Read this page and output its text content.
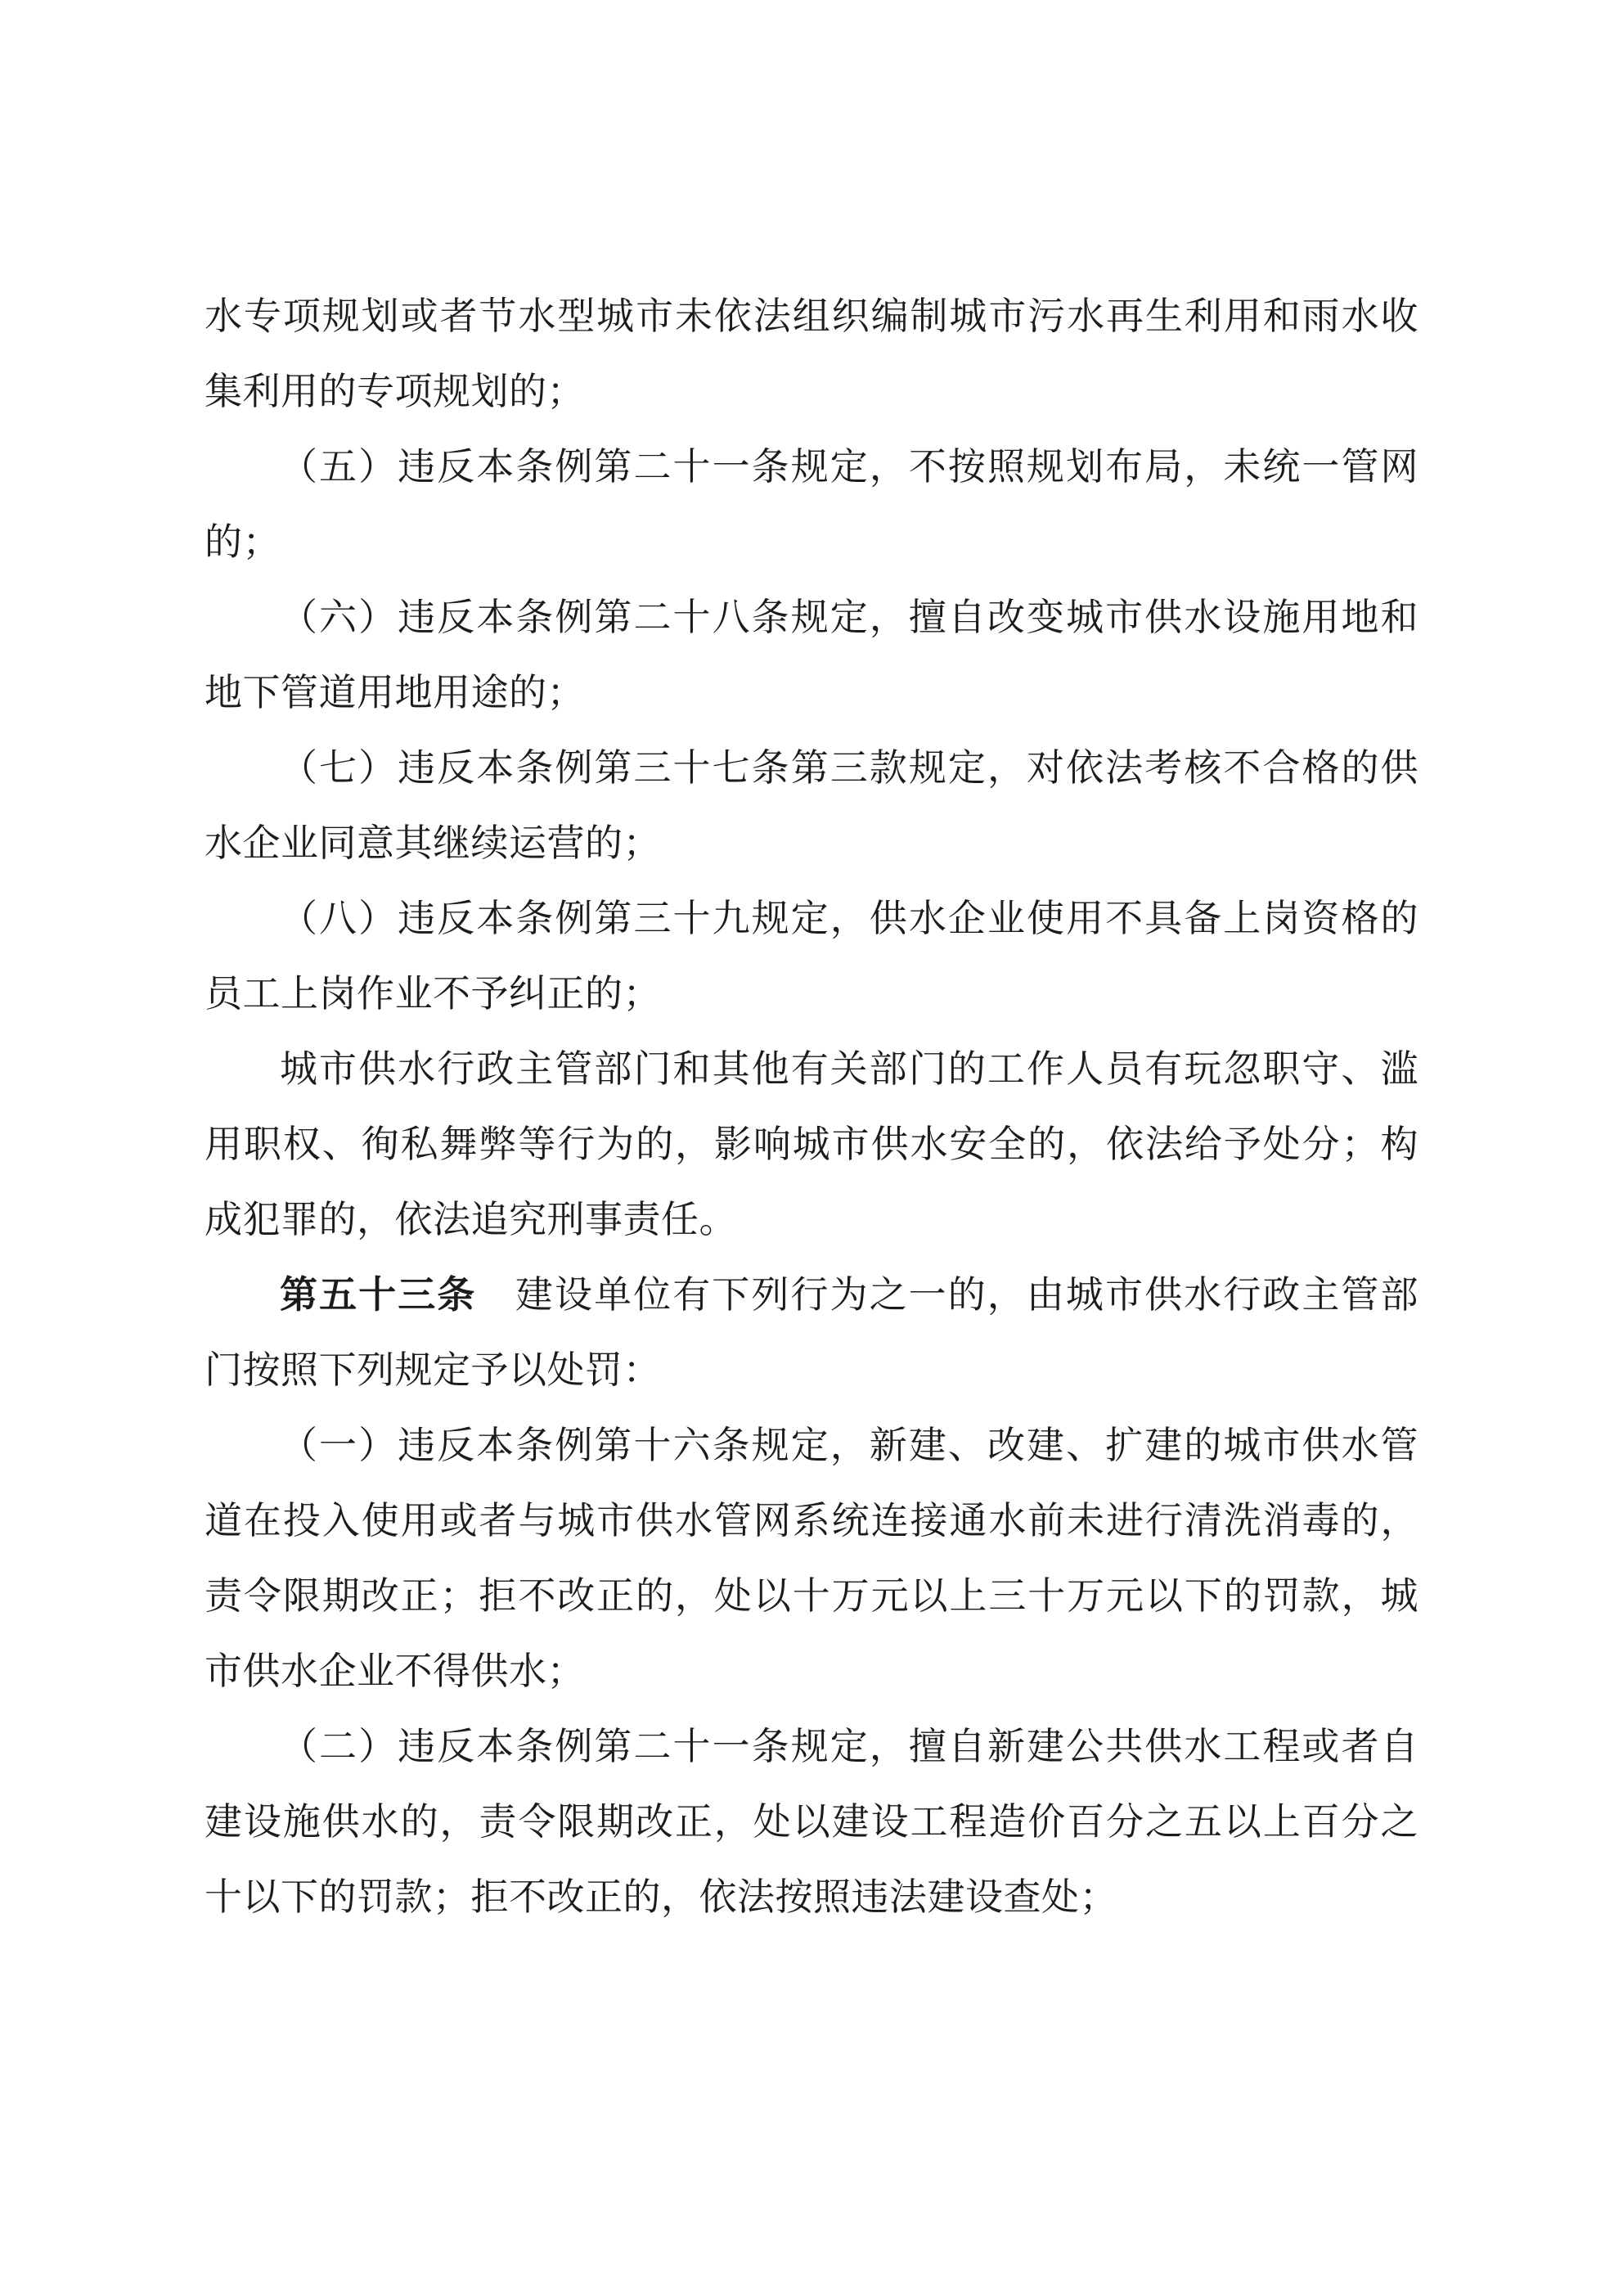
水专项规划或者节水型城市未依法组织编制城市污水再生利用和雨水收集利用的专项规划的；

（五）违反本条例第二十一条规定，不按照规划布局，未统一管网的；

（六）违反本条例第二十八条规定，擅自改变城市供水设施用地和地下管道用地用途的；

（七）违反本条例第三十七条第三款规定，对依法考核不合格的供水企业同意其继续运营的；

（八）违反本条例第三十九规定，供水企业使用不具备上岗资格的员工上岗作业不予纠正的；

城市供水行政主管部门和其他有关部门的工作人员有玩忽职守、滥用职权、徇私舞弊等行为的，影响城市供水安全的，依法给予处分；构成犯罪的，依法追究刑事责任。

第五十三条 建设单位有下列行为之一的，由城市供水行政主管部门按照下列规定予以处罚：

（一）违反本条例第十六条规定，新建、改建、扩建的城市供水管道在投入使用或者与城市供水管网系统连接通水前未进行清洗消毒的，责令限期改正；拒不改正的，处以十万元以上三十万元以下的罚款，城市供水企业不得供水；

（二）违反本条例第二十一条规定，擅自新建公共供水工程或者自建设施供水的，责令限期改正，处以建设工程造价百分之五以上百分之十以下的罚款；拒不改正的，依法按照违法建设查处；
